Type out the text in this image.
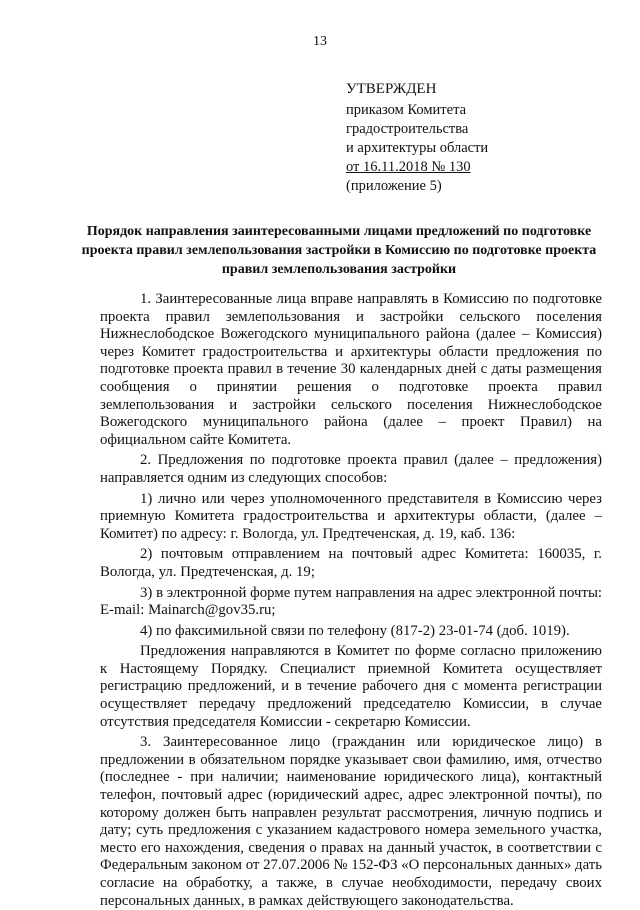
13
УТВЕРЖДЕН
приказом Комитета
градостроительства
и архитектуры области
от 16.11.2018 № 130
(приложение 5)
Порядок направления заинтересованными лицами предложений по подготовке проекта правил землепользования застройки в Комиссию по подготовке проекта правил землепользования застройки

1. Заинтересованные лица вправе направлять в Комиссию по подготовке проекта правил землепользования и застройки сельского поселения Нижнеслободское Вожегодского муниципального района (далее – Комиссия) через Комитет градостроительства и архитектуры области предложения по подготовке проекта правил в течение 30 календарных дней с даты размещения сообщения о принятии решения о подготовке проекта правил землепользования и застройки сельского поселения Нижнеслободское Вожегодского муниципального района (далее – проект Правил) на официальном сайте Комитета.

2. Предложения по подготовке проекта правил (далее – предложения) направляется одним из следующих способов:

1) лично или через уполномоченного представителя в Комиссию через приемную Комитета градостроительства и архитектуры области, (далее – Комитет) по адресу: г. Вологда, ул. Предтеченская, д. 19, каб. 136:

2) почтовым отправлением на почтовый адрес Комитета: 160035, г. Вологда, ул. Предтеченская, д. 19;

3) в электронной форме путем направления на адрес электронной почты: E-mail: Mainarch@gov35.ru;

4) по факсимильной связи по телефону (817-2) 23-01-74 (доб. 1019).

Предложения направляются в Комитет по форме согласно приложению к Настоящему Порядку. Специалист приемной Комитета осуществляет регистрацию предложений, и в течение рабочего дня с момента регистрации осуществляет передачу предложений председателю Комиссии, в случае отсутствия председателя Комиссии - секретарю Комиссии.

3. Заинтересованное лицо (гражданин или юридическое лицо) в предложении в обязательном порядке указывает свои фамилию, имя, отчество (последнее - при наличии; наименование юридического лица), контактный телефон, почтовый адрес (юридический адрес, адрес электронной почты), по которому должен быть направлен результат рассмотрения, личную подпись и дату; суть предложения с указанием кадастрового номера земельного участка, место его нахождения, сведения о правах на данный участок, в соответствии с Федеральным законом от 27.07.2006 № 152-ФЗ «О персональных данных» дать согласие на обработку, а также, в случае необходимости, передачу своих персональных данных, в рамках действующего законодательства.
